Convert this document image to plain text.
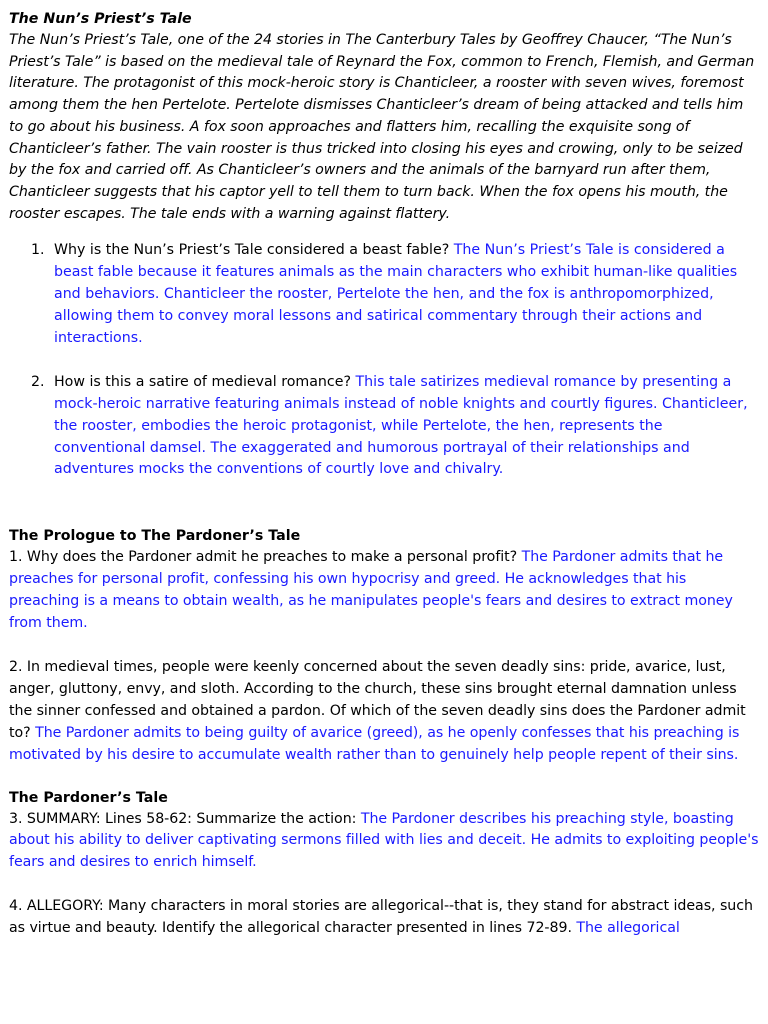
The Nun’s Priest’s Tale

The Nun’s Priest’s Tale, one of the 24 stories in The Canterbury Tales by Geoffrey Chaucer, “The Nun’s Priest’s Tale” is based on the medieval tale of Reynard the Fox, common to French, Flemish, and German literature. The protagonist of this mock-heroic story is Chanticleer, a rooster with seven wives, foremost among them the hen Pertelote. Pertelote dismisses Chanticleer’s dream of being attacked and tells him to go about his business. A fox soon approaches and flatters him, recalling the exquisite song of Chanticleer’s father. The vain rooster is thus tricked into closing his eyes and crowing, only to be seized by the fox and carried off. As Chanticleer’s owners and the animals of the barnyard run after them, Chanticleer suggests that his captor yell to tell them to turn back. When the fox opens his mouth, the rooster escapes. The tale ends with a warning against flattery.

1. Why is the Nun’s Priest’s Tale considered a beast fable? The Nun’s Priest’s Tale is considered a beast fable because it features animals as the main characters who exhibit human-like qualities and behaviors. Chanticleer the rooster, Pertelote the hen, and the fox is anthropomorphized, allowing them to convey moral lessons and satirical commentary through their actions and interactions.
2. How is this a satire of medieval romance? This tale satirizes medieval romance by presenting a mock-heroic narrative featuring animals instead of noble knights and courtly figures. Chanticleer, the rooster, embodies the heroic protagonist, while Pertelote, the hen, represents the conventional damsel. The exaggerated and humorous portrayal of their relationships and adventures mocks the conventions of courtly love and chivalry.

The Prologue to The Pardoner’s Tale

1. Why does the Pardoner admit he preaches to make a personal profit? The Pardoner admits that he preaches for personal profit, confessing his own hypocrisy and greed. He acknowledges that his preaching is a means to obtain wealth, as he manipulates people's fears and desires to extract money from them.

2. In medieval times, people were keenly concerned about the seven deadly sins: pride, avarice, lust, anger, gluttony, envy, and sloth. According to the church, these sins brought eternal damnation unless the sinner confessed and obtained a pardon. Of which of the seven deadly sins does the Pardoner admit to? The Pardoner admits to being guilty of avarice (greed), as he openly confesses that his preaching is motivated by his desire to accumulate wealth rather than to genuinely help people repent of their sins.

The Pardoner’s Tale

3. SUMMARY: Lines 58-62: Summarize the action: The Pardoner describes his preaching style, boasting about his ability to deliver captivating sermons filled with lies and deceit. He admits to exploiting people's fears and desires to enrich himself.

4. ALLEGORY: Many characters in moral stories are allegorical--that is, they stand for abstract ideas, such as virtue and beauty. Identify the allegorical character presented in lines 72-89. The allegorical
